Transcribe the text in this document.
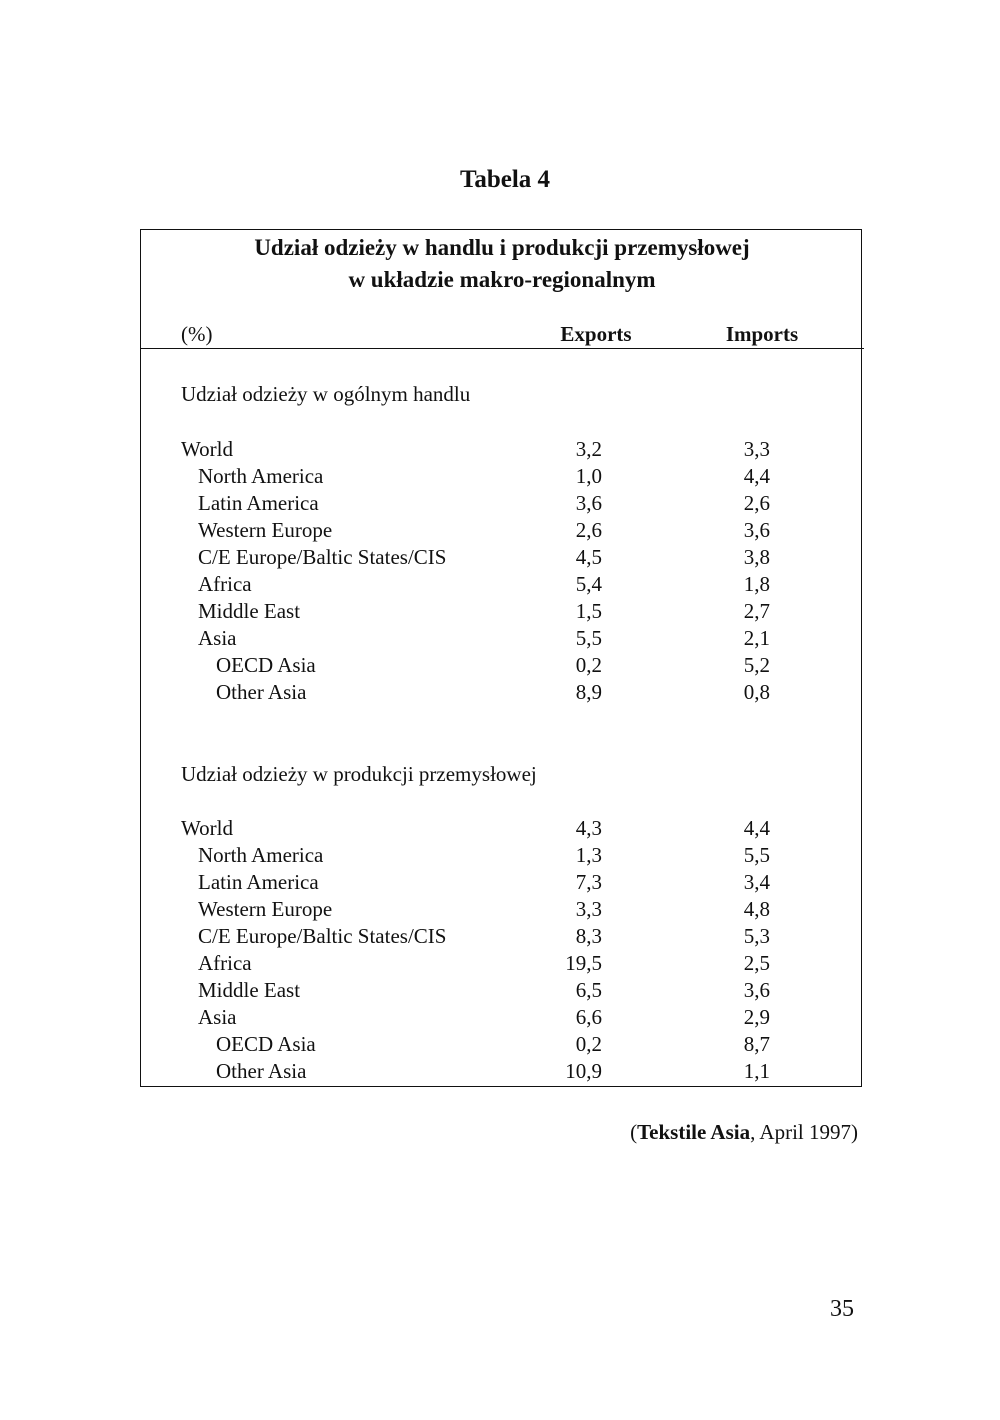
Tabela 4
Udział odzieży w handlu i produkcji przemysłowej
w układzie makro-regionalnym
(%)	Exports	Imports
Udział odzieży w ogólnym handlu
World	3,2	3,3
North America	1,0	4,4
Latin America	3,6	2,6
Western Europe	2,6	3,6
C/E Europe/Baltic States/CIS	4,5	3,8
Africa	5,4	1,8
Middle East	1,5	2,7
Asia	5,5	2,1
OECD Asia	0,2	5,2
Other Asia	8,9	0,8
Udział odzieży w produkcji przemysłowej
World	4,3	4,4
North America	1,3	5,5
Latin America	7,3	3,4
Western Europe	3,3	4,8
C/E Europe/Baltic States/CIS	8,3	5,3
Africa	19,5	2,5
Middle East	6,5	3,6
Asia	6,6	2,9
OECD Asia	0,2	8,7
Other Asia	10,9	1,1
(Tekstile Asia, April 1997)
35
